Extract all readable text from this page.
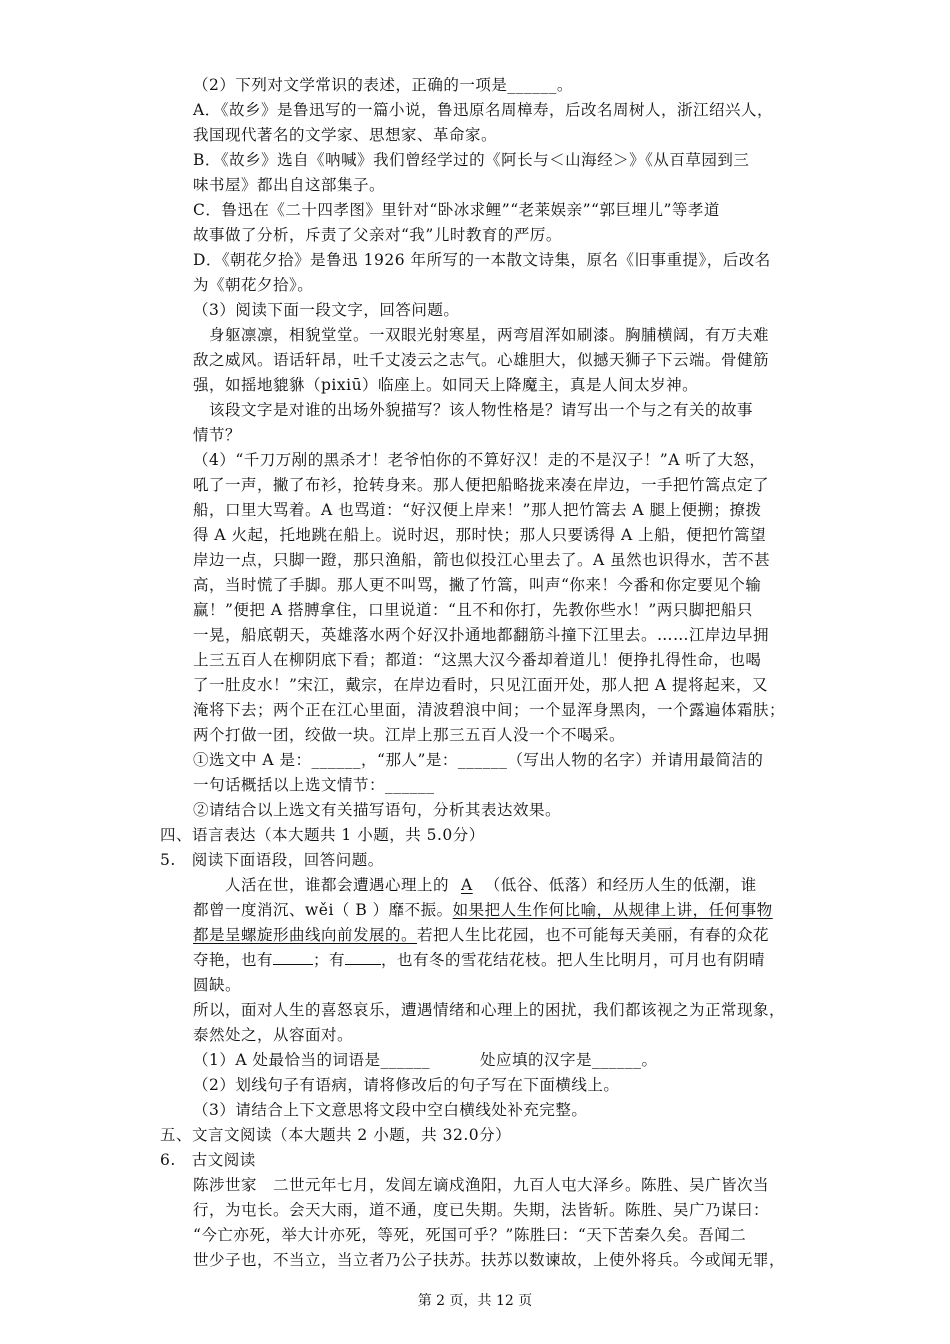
（2）下列对文学常识的表述，正确的一项是______。
A．《故乡》是鲁迅写的一篇小说，鲁迅原名周樟寿，后改名周树人，浙江绍兴人，
我国现代著名的文学家、思想家、革命家。
B．《故乡》选自《呐喊》我们曾经学过的《阿长与＜山海经＞》《从百草园到三
味书屋》都出自这部集子。
C．鲁迅在《二十四孝图》里针对“卧冰求鲤”“老莱娱亲”“郭巨埋儿”等孝道
故事做了分析，斥责了父亲对“我”儿时教育的严厉。
D．《朝花夕拾》是鲁迅 1926 年所写的一本散文诗集，原名《旧事重提》，后改名
为《朝花夕拾》。
（3）阅读下面一段文字，回答问题。
　身躯凛凛，相貌堂堂。一双眼光射寒星，两弯眉浑如刷漆。胸脯横阔，有万夫难
敌之威风。语话轩昂，吐千丈凌云之志气。心雄胆大，似撼天狮子下云端。骨健筋
强，如摇地貔貅（pixiū）临座上。如同天上降魔主，真是人间太岁神。
　该段文字是对谁的出场外貌描写？该人物性格是？请写出一个与之有关的故事
情节？
（4）“千刀万剐的黑杀才！老爷怕你的不算好汉！走的不是汉子！”A 听了大怒，
吼了一声，撇了布衫，抢转身来。那人便把船略拢来凑在岸边，一手把竹篙点定了
船，口里大骂着。A 也骂道：“好汉便上岸来！”那人把竹篙去 A 腿上便搠；撩拨
得 A 火起，托地跳在船上。说时迟，那时快；那人只要诱得 A 上船，便把竹篙望
岸边一点，只脚一蹬，那只渔船，箭也似投江心里去了。A 虽然也识得水，苦不甚
高，当时慌了手脚。那人更不叫骂，撇了竹篙，叫声“你来！今番和你定要见个输
赢！”便把 A 搭膊拿住，口里说道：“且不和你打，先教你些水！”两只脚把船只
一晃，船底朝天，英雄落水两个好汉扑通地都翻筋斗撞下江里去。……江岸边早拥
上三五百人在柳阴底下看；都道：“这黑大汉今番却着道儿！便挣扎得性命，也喝
了一肚皮水！”宋江，戴宗，在岸边看时，只见江面开处，那人把 A 提将起来，又
淹将下去；两个正在江心里面，清波碧浪中间；一个显浑身黑肉，一个露遍体霜肤；
两个打做一团，绞做一块。江岸上那三五百人没一个不喝采。
①选文中 A 是：______，“那人”是：______（写出人物的名字）并请用最简洁的
一句话概括以上选文情节：______
②请结合以上选文有关描写语句，分析其表达效果。
四、语言表达（本大题共 1 小题，共 5.0分）
5.　阅读下面语段，回答问题。
　　人活在世，谁都会遭遇心理上的 A （低谷、低落）和经历人生的低潮，谁
都曾一度消沉、wěi（ B ）靡不振。如果把人生作何比喻，从规律上讲，任何事物
都是呈螺旋形曲线向前发展的。若把人生比花园，也不可能每天美丽，有春的众花
夺艳，也有	；有 ，也有冬的雪花结花枝。把人生比明月，可月也有阴晴
圆缺。
所以，面对人生的喜怒哀乐，遭遇情绪和心理上的困扰，我们都该视之为正常现象，
泰然处之，从容面对。
（1）A 处最恰当的词语是______	处应填的汉字是______。
（2）划线句子有语病，请将修改后的句子写在下面横线上。
（3）请结合上下文意思将文段中空白横线处补充完整。
五、文言文阅读（本大题共 2 小题，共 32.0分）
6.　古文阅读
陈涉世家　二世元年七月，发闾左谪戍渔阳，九百人屯大泽乡。陈胜、吴广皆次当
行，为屯长。会天大雨，道不通，度已失期。失期，法皆斩。陈胜、吴广乃谋曰：
“今亡亦死，举大计亦死，等死，死国可乎？”陈胜曰：“天下苦秦久矣。吾闻二
世少子也，不当立，当立者乃公子扶苏。扶苏以数谏故，上使外将兵。今或闻无罪，
第 2 页，共 12 页
